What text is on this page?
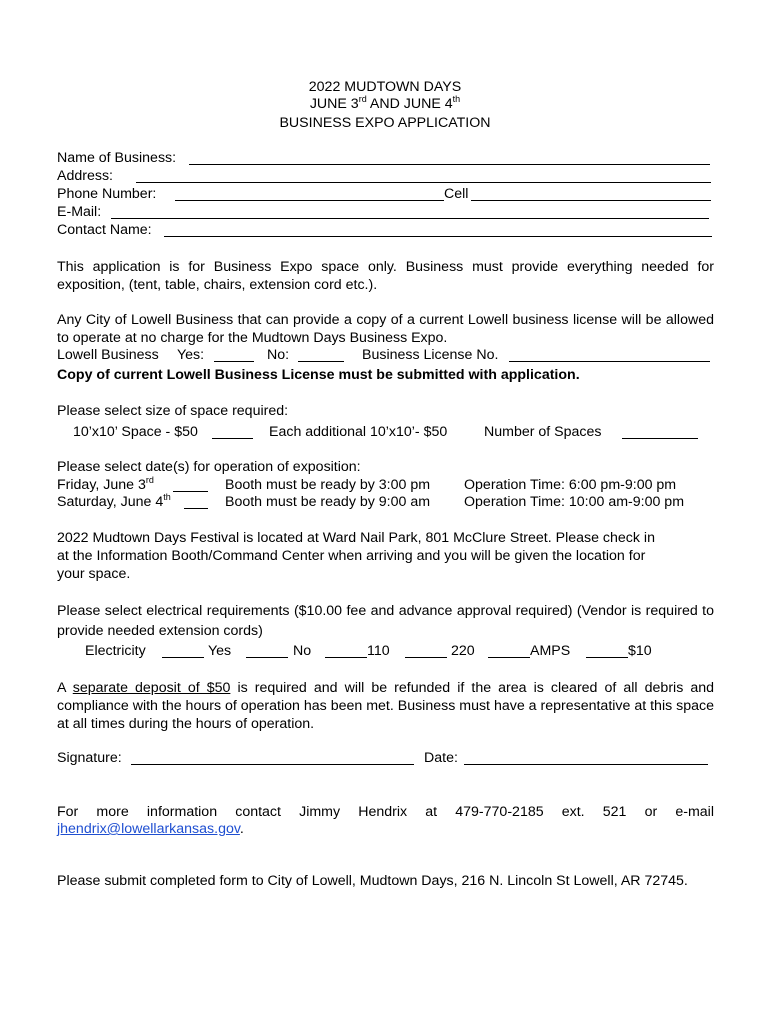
2022 MUDTOWN DAYS
JUNE 3rd AND JUNE 4th
BUSINESS EXPO APPLICATION
Name of Business:
Address:
Phone Number:	Cell
E-Mail:
Contact Name:
This application is for Business Expo space only. Business must provide everything needed for exposition, (tent, table, chairs, extension cord etc.).
Any City of Lowell Business that can provide a copy of a current Lowell business license will be allowed to operate at no charge for the Mudtown Days Business Expo.
Lowell Business Yes:	No:	Business License No.
Copy of current Lowell Business License must be submitted with application.
Please select size of space required:
10’x10’ Space - $50	Each additional 10’x10’- $50	Number of Spaces
Please select date(s) for operation of exposition:
Friday, June 3rd	Booth must be ready by 3:00 pm Operation Time: 6:00 pm-9:00 pm
Saturday, June 4th	Booth must be ready by 9:00 am Operation Time: 10:00 am-9:00 pm
2022 Mudtown Days Festival is located at Ward Nail Park, 801 McClure Street. Please check in
at the Information Booth/Command Center when arriving and you will be given the location for
your space.
Please select electrical requirements ($10.00 fee and advance approval required) (Vendor is required to provide needed extension cords)
Electricity	Yes	No	110	220	AMPS	$10
A separate deposit of $50 is required and will be refunded if the area is cleared of all debris and compliance with the hours of operation has been met. Business must have a representative at this space at all times during the hours of operation.
Signature:	Date:
For more information contact Jimmy Hendrix at 479-770-2185 ext. 521 or e-mail
jhendrix@lowellarkansas.gov.
Please submit completed form to City of Lowell, Mudtown Days, 216 N. Lincoln St Lowell, AR 72745.
